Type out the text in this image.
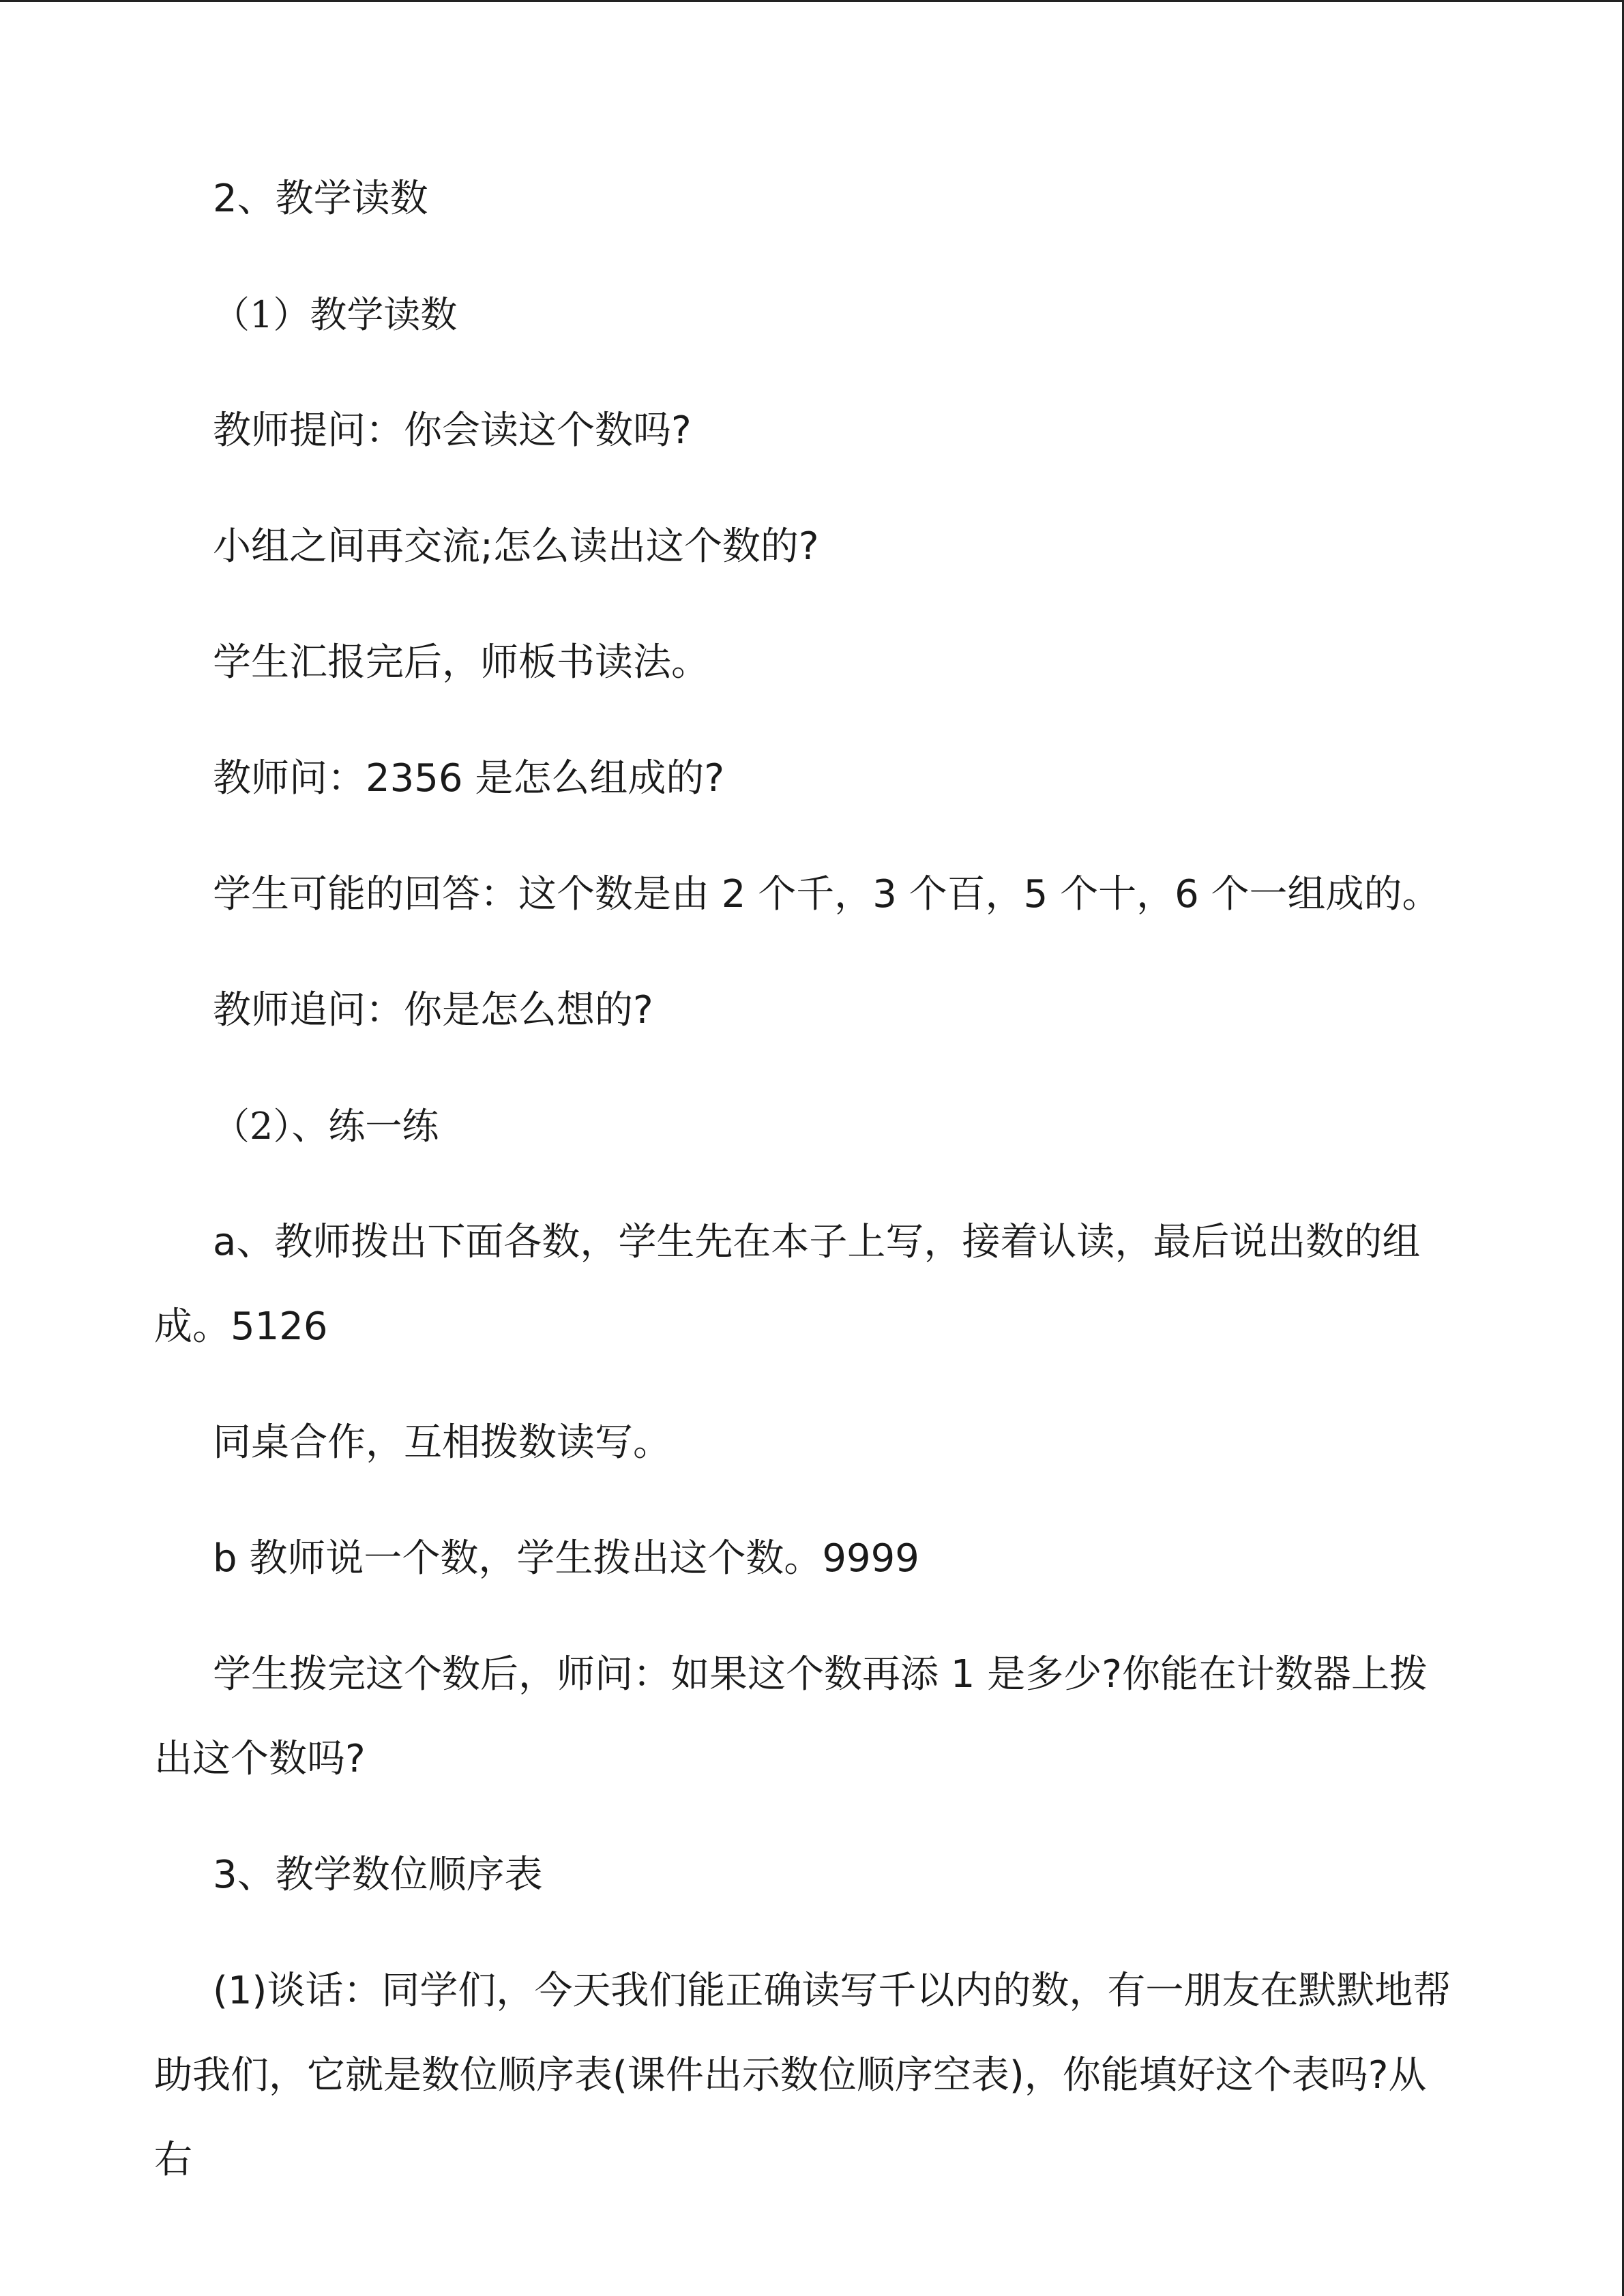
2、教学读数

（1）教学读数

教师提问：你会读这个数吗?

小组之间再交流;怎么读出这个数的?

学生汇报完后，师板书读法。

教师问：2356 是怎么组成的?

学生可能的回答：这个数是由 2 个千，3 个百，5 个十，6 个一组成的。

教师追问：你是怎么想的?

（2）、练一练

a、教师拨出下面各数，学生先在本子上写，接着认读，最后说出数的组成。5126

同桌合作，互相拨数读写。

b 教师说一个数，学生拨出这个数。9999

学生拨完这个数后，师问：如果这个数再添 1 是多少?你能在计数器上拨出这个数吗?

3、教学数位顺序表

(1)谈话：同学们，今天我们能正确读写千以内的数，有一朋友在默默地帮助我们，它就是数位顺序表(课件出示数位顺序空表)，你能填好这个表吗?从右
